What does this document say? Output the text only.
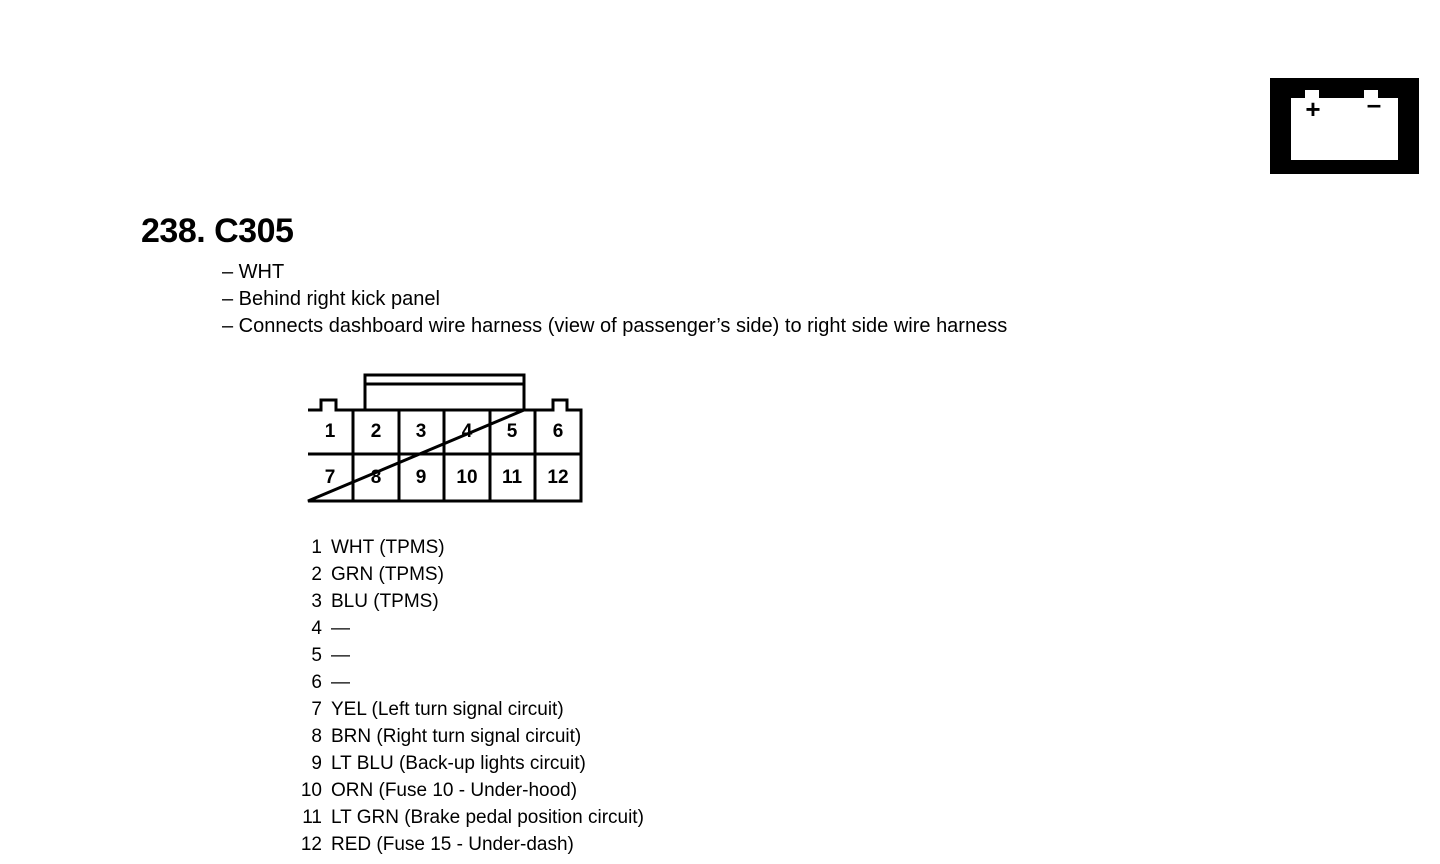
+ –
238. C305
– WHT
– Behind right kick panel
– Connects dashboard wire harness (view of passenger’s side) to right side wire harness
1 2 3 4 5 6
7 8 9 10 11 12
1 WHT (TPMS)
2 GRN (TPMS)
3 BLU (TPMS)
4 —
5 —
6 —
7 YEL (Left turn signal circuit)
8 BRN (Right turn signal circuit)
9 LT BLU (Back-up lights circuit)
10 ORN (Fuse 10 - Under-hood)
11 LT GRN (Brake pedal position circuit)
12 RED (Fuse 15 - Under-dash)
